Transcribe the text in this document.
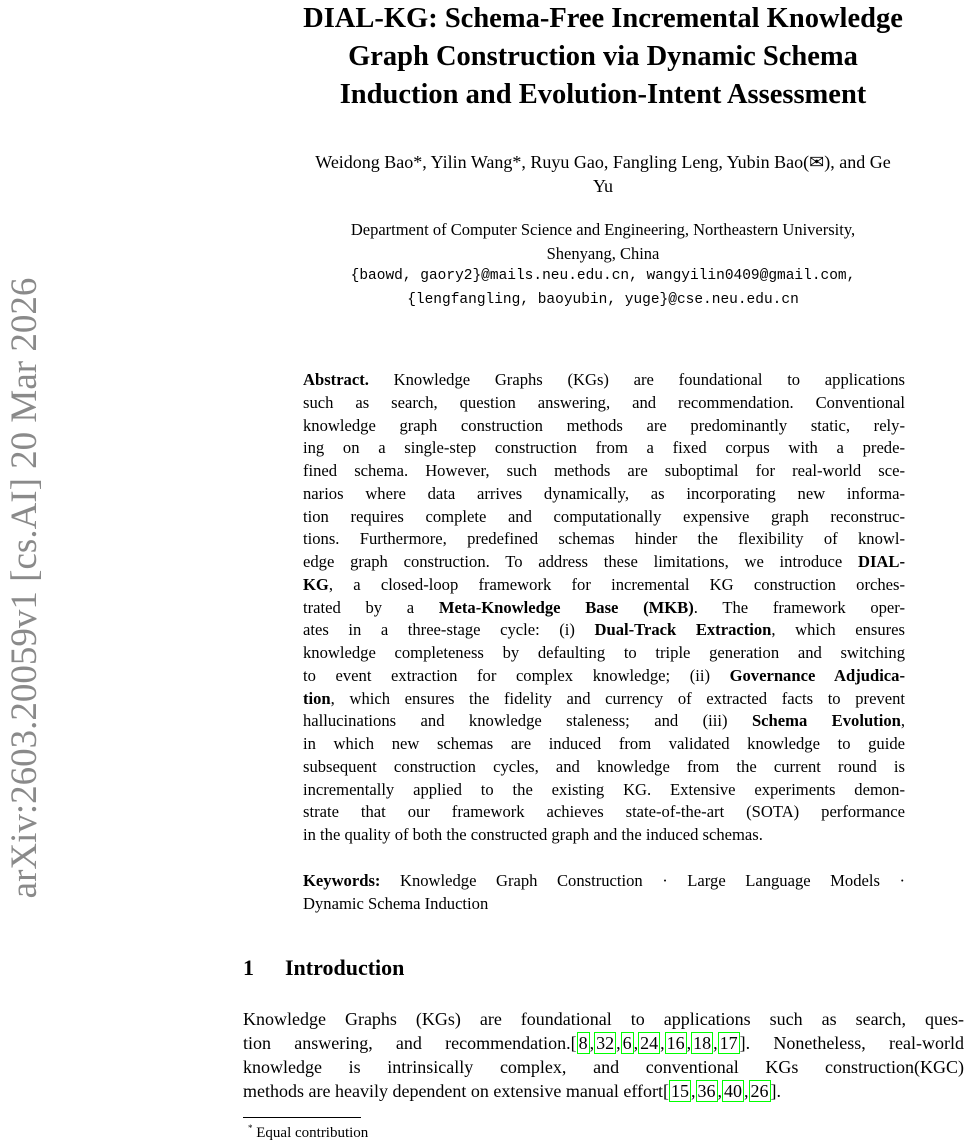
arXiv:2603.20059v1 [cs.AI] 20 Mar 2026
DIAL-KG: Schema-Free Incremental Knowledge
Graph Construction via Dynamic Schema
Induction and Evolution-Intent Assessment
Weidong Bao*, Yilin Wang*, Ruyu Gao, Fangling Leng, Yubin Bao(✉), and Ge
Yu
Department of Computer Science and Engineering, Northeastern University,
Shenyang, China
{baowd, gaory2}@mails.neu.edu.cn, wangyilin0409@gmail.com,
{lengfangling, baoyubin, yuge}@cse.neu.edu.cn
Abstract. Knowledge Graphs (KGs) are foundational to applications
such as search, question answering, and recommendation. Conventional
knowledge graph construction methods are predominantly static, rely-
ing on a single-step construction from a fixed corpus with a prede-
fined schema. However, such methods are suboptimal for real-world sce-
narios where data arrives dynamically, as incorporating new informa-
tion requires complete and computationally expensive graph reconstruc-
tions. Furthermore, predefined schemas hinder the flexibility of knowl-
edge graph construction. To address these limitations, we introduce DIAL-
KG, a closed-loop framework for incremental KG construction orches-
trated by a Meta-Knowledge Base (MKB). The framework oper-
ates in a three-stage cycle: (i) Dual-Track Extraction, which ensures
knowledge completeness by defaulting to triple generation and switching
to event extraction for complex knowledge; (ii) Governance Adjudica-
tion, which ensures the fidelity and currency of extracted facts to prevent
hallucinations and knowledge staleness; and (iii) Schema Evolution,
in which new schemas are induced from validated knowledge to guide
subsequent construction cycles, and knowledge from the current round is
incrementally applied to the existing KG. Extensive experiments demon-
strate that our framework achieves state-of-the-art (SOTA) performance
in the quality of both the constructed graph and the induced schemas.
Keywords: Knowledge Graph Construction · Large Language Models ·
Dynamic Schema Induction
1 Introduction
Knowledge Graphs (KGs) are foundational to applications such as search, ques-
tion answering, and recommendation.[ 8 , 32 , 6 , 24 , 16 , 18 , 17 ]. Nonetheless, real-world
knowledge is intrinsically complex, and conventional KGs construction(KGC)
methods are heavily dependent on extensive manual effort[ 15 , 36 , 40 , 26 ].
* Equal contribution
